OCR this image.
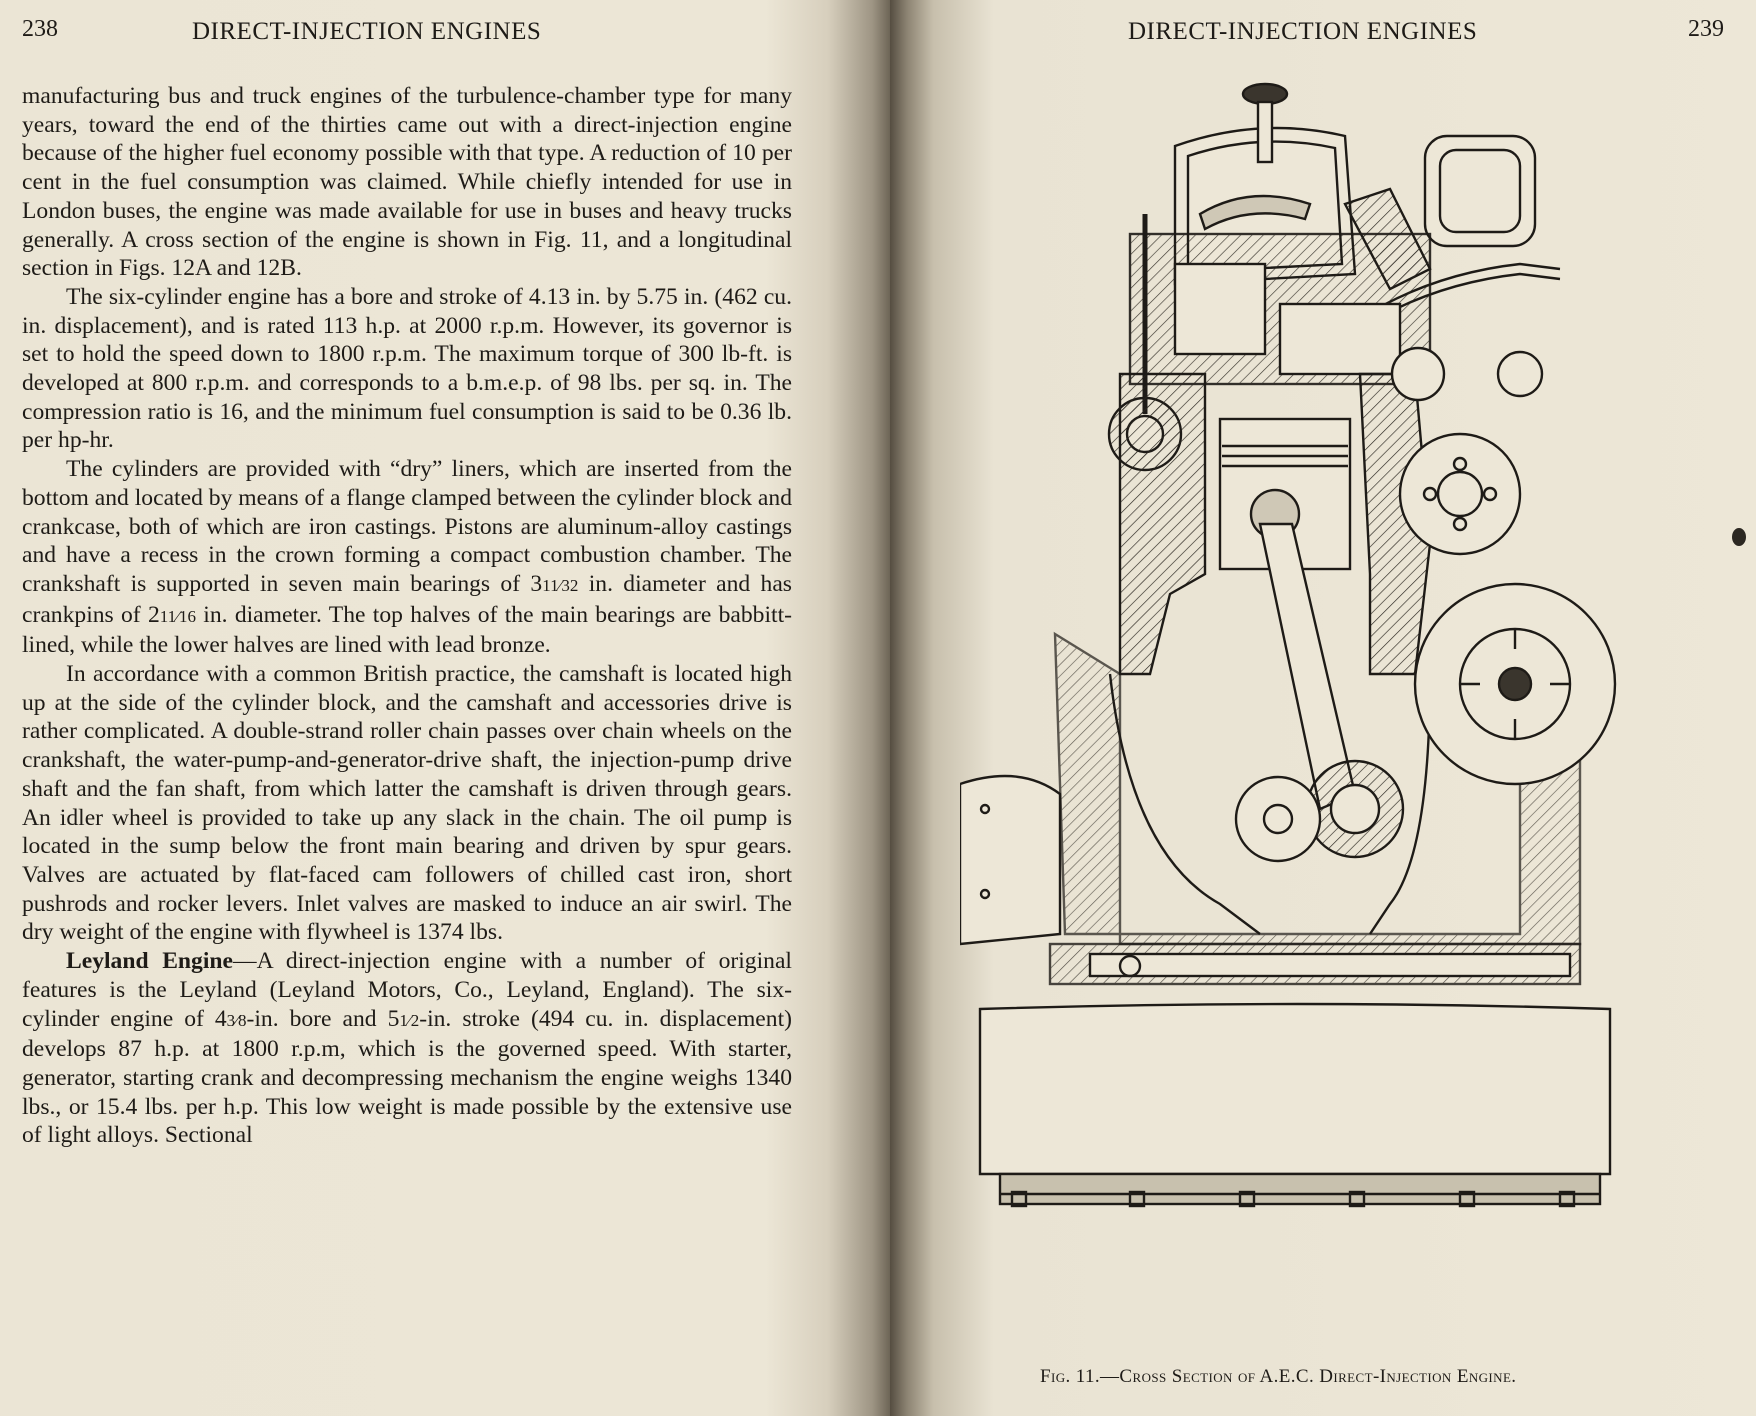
238	DIRECT-INJECTION ENGINES

manufacturing bus and truck engines of the turbulence-chamber type for many years, toward the end of the thirties came out with a direct-injection engine because of the higher fuel economy possible with that type. A reduction of 10 per cent in the fuel consumption was claimed. While chiefly intended for use in London buses, the engine was made available for use in buses and heavy trucks generally. A cross section of the engine is shown in Fig. 11, and a longitudinal section in Figs. 12A and 12B.

The six-cylinder engine has a bore and stroke of 4.13 in. by 5.75 in. (462 cu. in. displacement), and is rated 113 h.p. at 2000 r.p.m. However, its governor is set to hold the speed down to 1800 r.p.m. The maximum torque of 300 lb-ft. is developed at 800 r.p.m. and corresponds to a b.m.e.p. of 98 lbs. per sq. in. The compression ratio is 16, and the minimum fuel consumption is said to be 0.36 lb. per hp-hr.

The cylinders are provided with “dry” liners, which are inserted from the bottom and located by means of a flange clamped between the cylinder block and crankcase, both of which are iron castings. Pistons are aluminum-alloy castings and have a recess in the crown forming a compact combustion chamber. The crankshaft is supported in seven main bearings of 311⁄32 in. diameter and has crankpins of 211⁄16 in. diameter. The top halves of the main bearings are babbitt-lined, while the lower halves are lined with lead bronze.

In accordance with a common British practice, the camshaft is located high up at the side of the cylinder block, and the camshaft and accessories drive is rather complicated. A double-strand roller chain passes over chain wheels on the crankshaft, the water-pump-and-generator-drive shaft, the injection-pump drive shaft and the fan shaft, from which latter the camshaft is driven through gears. An idler wheel is provided to take up any slack in the chain. The oil pump is located in the sump below the front main bearing and driven by spur gears. Valves are actuated by flat-faced cam followers of chilled cast iron, short pushrods and rocker levers. Inlet valves are masked to induce an air swirl. The dry weight of the engine with flywheel is 1374 lbs.

Leyland Engine—A direct-injection engine with a number of original features is the Leyland (Leyland Motors, Co., Leyland, England). The six-cylinder engine of 43⁄8-in. bore and 51⁄2-in. stroke (494 cu. in. displacement) develops 87 h.p. at 1800 r.p.m, which is the governed speed. With starter, generator, starting crank and decompressing mechanism the engine weighs 1340 lbs., or 15.4 lbs. per h.p. This low weight is made possible by the extensive use of light alloys. Sectional

DIRECT-INJECTION ENGINES	239
Fig. 11.—Cross Section of A.E.C. Direct-Injection Engine.
